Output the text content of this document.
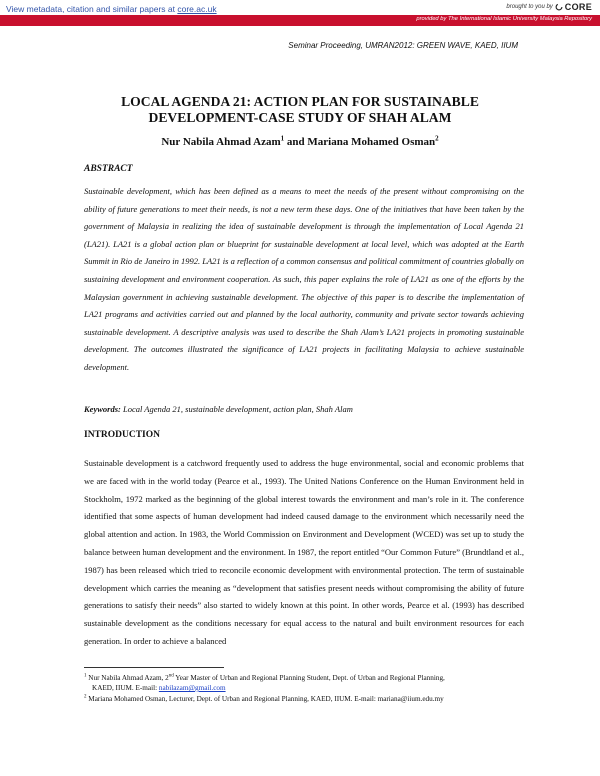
View metadata, citation and similar papers at core.ac.uk	brought to you by CORE
provided by The International Islamic University Malaysia Repository
Seminar Proceeding, UMRAN2012: GREEN WAVE, KAED, IIUM
LOCAL AGENDA 21: ACTION PLAN FOR SUSTAINABLE
DEVELOPMENT-CASE STUDY OF SHAH ALAM
Nur Nabila Ahmad Azam$^1$ and Mariana Mohamed Osman$^2$
ABSTRACT

Sustainable development, which has been defined as a means to meet the needs of the present without compromising on the ability of future generations to meet their needs, is not a new term these days. One of the initiatives that have been taken by the government of Malaysia in realizing the idea of sustainable development is through the implementation of Local Agenda 21 (LA21). LA21 is a global action plan or blueprint for sustainable development at local level, which was adopted at the Earth Summit in Rio de Janeiro in 1992. LA21 is a reflection of a common consensus and political commitment of countries globally on sustaining development and environment cooperation. As such, this paper explains the role of LA21 as one of the efforts by the Malaysian government in achieving sustainable development. The objective of this paper is to describe the implementation of LA21 programs and activities carried out and planned by the local authority, community and private sector towards achieving sustainable development. A descriptive analysis was used to describe the Shah Alam’s LA21 projects in promoting sustainable development. The outcomes illustrated the significance of LA21 projects in facilitating Malaysia to achieve sustainable development.

Keywords: Local Agenda 21, sustainable development, action plan, Shah Alam
INTRODUCTION

Sustainable development is a catchword frequently used to address the huge environmental, social and economic problems that we are faced with in the world today (Pearce et al., 1993). The United Nations Conference on the Human Environment held in Stockholm, 1972 marked as the beginning of the global interest towards the environment and man’s role in it. The conference identified that some aspects of human development had indeed caused damage to the environment which necessarily need the global attention and action. In 1983, the World Commission on Environment and Development (WCED) was set up to study the balance between human development and the environment. In 1987, the report entitled “Our Common Future” (Brundtland et al., 1987) has been released which tried to reconcile economic development with environmental protection. The term of sustainable development which carries the meaning as “development that satisfies present needs without compromising the ability of future generations to satisfy their needs” also started to widely known at this point. In other words, Pearce et al. (1993) has described sustainable development as the conditions necessary for equal access to the natural and built environment resources for each generation. In order to achieve a balanced

$^1$ Nur Nabila Ahmad Azam, 2nd Year Master of Urban and Regional Planning Student, Dept. of Urban and Regional Planning,
KAED, IIUM. E-mail: nabilazam@gmail.com
$^2$ Mariana Mohamed Osman, Lecturer, Dept. of Urban and Regional Planning, KAED, IIUM. E-mail: mariana@iium.edu.my
